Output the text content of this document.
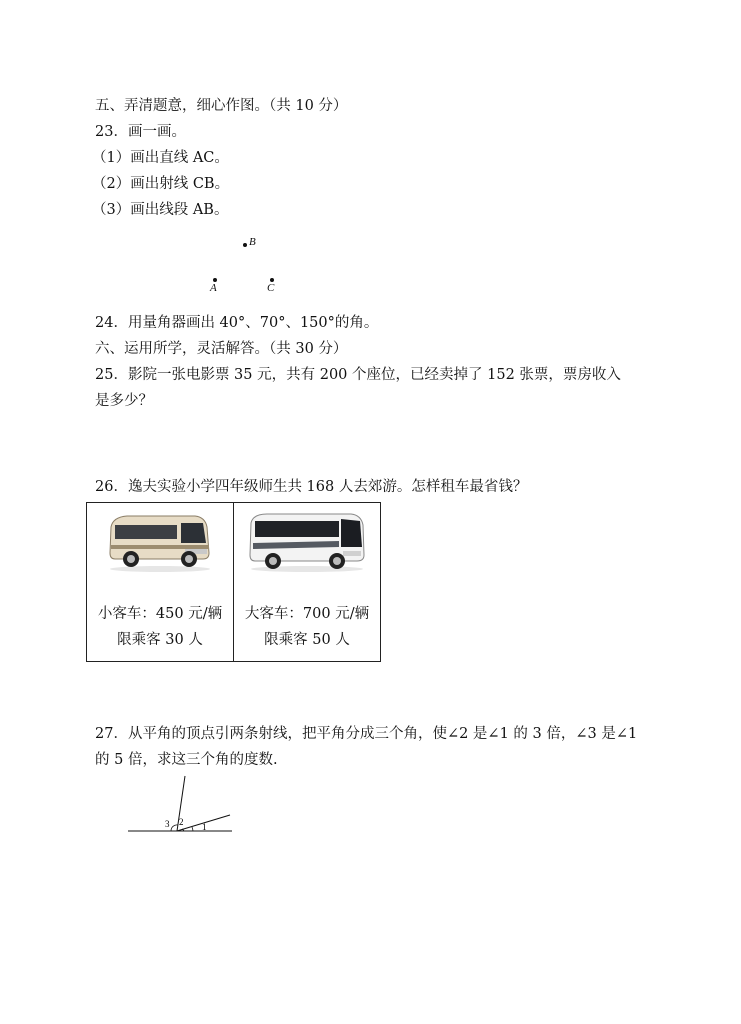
五、弄清题意，细心作图。（共 10 分）
23．画一画。
（1）画出直线 AC。
（2）画出射线 CB。
（3）画出线段 AB。
B
A	C
24．用量角器画出 40°、70°、150°的角。
六、运用所学，灵活解答。（共 30 分）
25．影院一张电影票 35 元，共有 200 个座位，已经卖掉了 152 张票，票房收入
是多少？
26．逸夫实验小学四年级师生共 168 人去郊游。怎样租车最省钱？
小客车：450 元/辆
限乘客 30 人

大客车：700 元/辆
限乘客 50 人
27．从平角的顶点引两条射线，把平角分成三个角，使∠2 是∠1 的 3 倍，∠3 是∠1
的 5 倍，求这三个角的度数.
3 2 1
